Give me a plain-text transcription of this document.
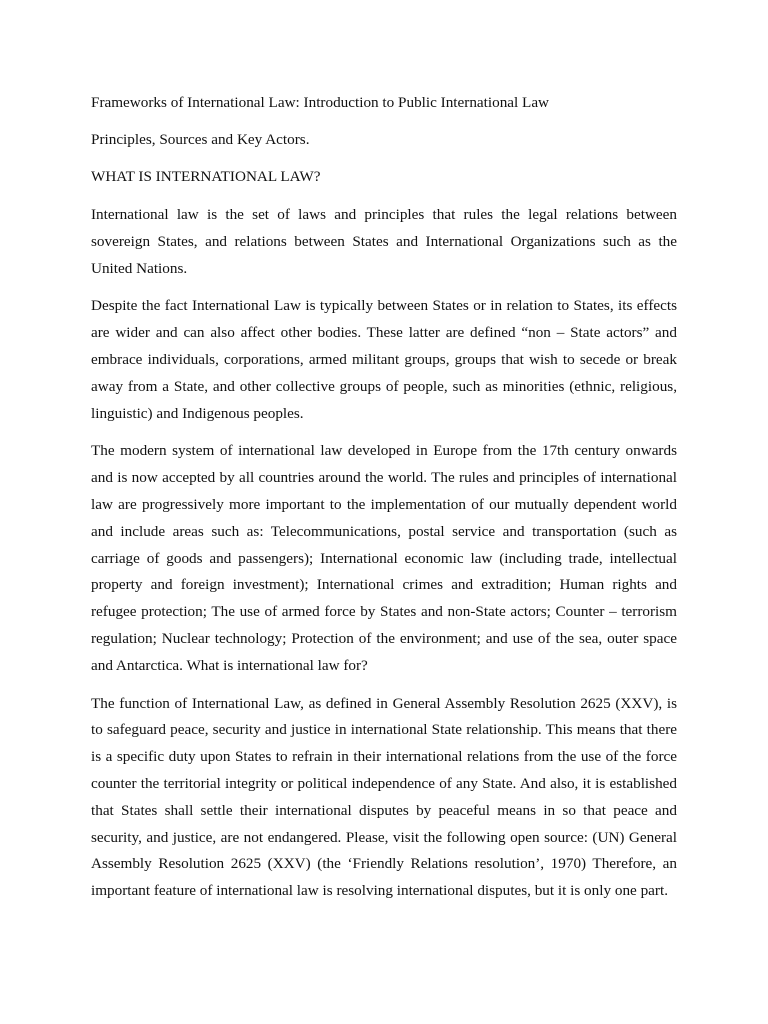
Frameworks of International Law: Introduction to Public International Law

Principles, Sources and Key Actors.

WHAT IS INTERNATIONAL LAW?

International law is the set of laws and principles that rules the legal relations between sovereign States, and relations between States and International Organizations such as the United Nations.

Despite the fact International Law is typically between States or in relation to States, its effects are wider and can also affect other bodies. These latter are defined “non – State actors” and embrace individuals, corporations, armed militant groups, groups that wish to secede or break away from a State, and other collective groups of people, such as minorities (ethnic, religious, linguistic) and Indigenous peoples.

The modern system of international law developed in Europe from the 17th century onwards and is now accepted by all countries around the world. The rules and principles of international law are progressively more important to the implementation of our mutually dependent world and include areas such as: Telecommunications, postal service and transportation (such as carriage of goods and passengers); International economic law (including trade, intellectual property and foreign investment); International crimes and extradition; Human rights and refugee protection; The use of armed force by States and non-State actors; Counter – terrorism regulation; Nuclear technology; Protection of the environment; and use of the sea, outer space and Antarctica. What is international law for?

The function of International Law, as defined in General Assembly Resolution 2625 (XXV), is to safeguard peace, security and justice in international State relationship. This means that there is a specific duty upon States to refrain in their international relations from the use of the force counter the territorial integrity or political independence of any State. And also, it is established that States shall settle their international disputes by peaceful means in so that peace and security, and justice, are not endangered. Please, visit the following open source: (UN) General Assembly Resolution 2625 (XXV) (the ‘Friendly Relations resolution’, 1970) Therefore, an important feature of international law is resolving international disputes, but it is only one part.
